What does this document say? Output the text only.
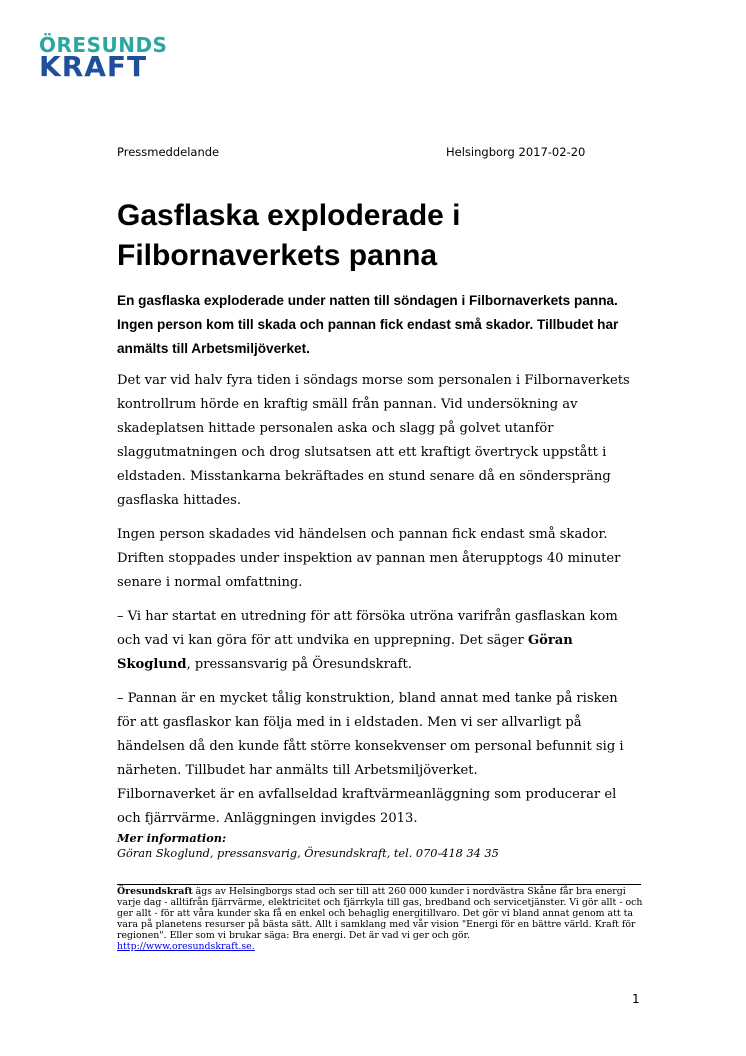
ÖRESUNDS
KRAFT
Pressmeddelande	Helsingborg 2017-02-20
Gasflaska exploderade i Filbornaverkets panna

En gasflaska exploderade under natten till söndagen i Filbornaverkets panna. Ingen person kom till skada och pannan fick endast små skador. Tillbudet har anmälts till Arbetsmiljöverket.

Det var vid halv fyra tiden i söndags morse som personalen i Filbornaverkets kontrollrum hörde en kraftig smäll från pannan. Vid undersökning av skadeplatsen hittade personalen aska och slagg på golvet utanför slaggutmatningen och drog slutsatsen att ett kraftigt övertryck uppstått i eldstaden. Misstankarna bekräftades en stund senare då en sönderspräng gasflaska hittades.

Ingen person skadades vid händelsen och pannan fick endast små skador. Driften stoppades under inspektion av pannan men återupptogs 40 minuter senare i normal omfattning.

– Vi har startat en utredning för att försöka utröna varifrån gasflaskan kom och vad vi kan göra för att undvika en upprepning. Det säger Göran Skoglund, pressansvarig på Öresundskraft.

– Pannan är en mycket tålig konstruktion, bland annat med tanke på risken för att gasflaskor kan följa med in i eldstaden. Men vi ser allvarligt på händelsen då den kunde fått större konsekvenser om personal befunnit sig i närheten. Tillbudet har anmälts till Arbetsmiljöverket.

Filbornaverket är en avfallseldad kraftvärmeanläggning som producerar el och fjärrvärme. Anläggningen invigdes 2013.

Mer information:
Göran Skoglund, pressansvarig, Öresundskraft, tel. 070-418 34 35
Öresundskraft ägs av Helsingborgs stad och ser till att 260 000 kunder i nordvästra Skåne får bra energi varje dag - alltifrån fjärrvärme, elektricitet och fjärrkyla till gas, bredband och servicetjänster. Vi gör allt - och ger allt - för att våra kunder ska få en enkel och behaglig energitillvaro. Det gör vi bland annat genom att ta vara på planetens resurser på bästa sätt. Allt i samklang med vår vision "Energi för en bättre värld. Kraft för regionen". Eller som vi brukar säga: Bra energi. Det är vad vi ger och gör.
http://www.oresundskraft.se.
1
